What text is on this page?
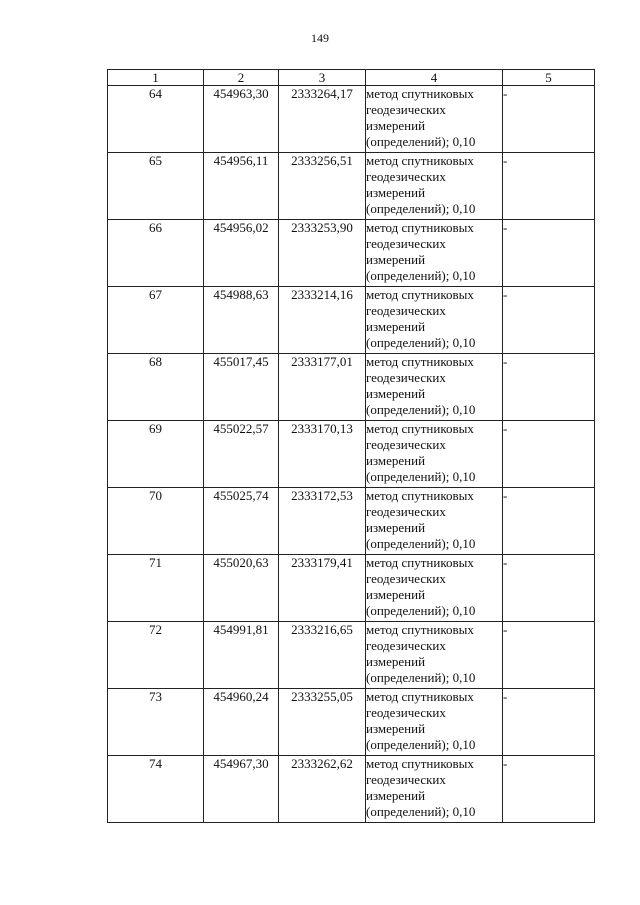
149
1	2	3	4	5
64	454963,30	2333264,17	метод спутниковых
геодезических
измерений
(определений); 0,10	-
65	454956,11	2333256,51	метод спутниковых
геодезических
измерений
(определений); 0,10	-
66	454956,02	2333253,90	метод спутниковых
геодезических
измерений
(определений); 0,10	-
67	454988,63	2333214,16	метод спутниковых
геодезических
измерений
(определений); 0,10	-
68	455017,45	2333177,01	метод спутниковых
геодезических
измерений
(определений); 0,10	-
69	455022,57	2333170,13	метод спутниковых
геодезических
измерений
(определений); 0,10	-
70	455025,74	2333172,53	метод спутниковых
геодезических
измерений
(определений); 0,10	-
71	455020,63	2333179,41	метод спутниковых
геодезических
измерений
(определений); 0,10	-
72	454991,81	2333216,65	метод спутниковых
геодезических
измерений
(определений); 0,10	-
73	454960,24	2333255,05	метод спутниковых
геодезических
измерений
(определений); 0,10	-
74	454967,30	2333262,62	метод спутниковых
геодезических
измерений
(определений); 0,10	-
